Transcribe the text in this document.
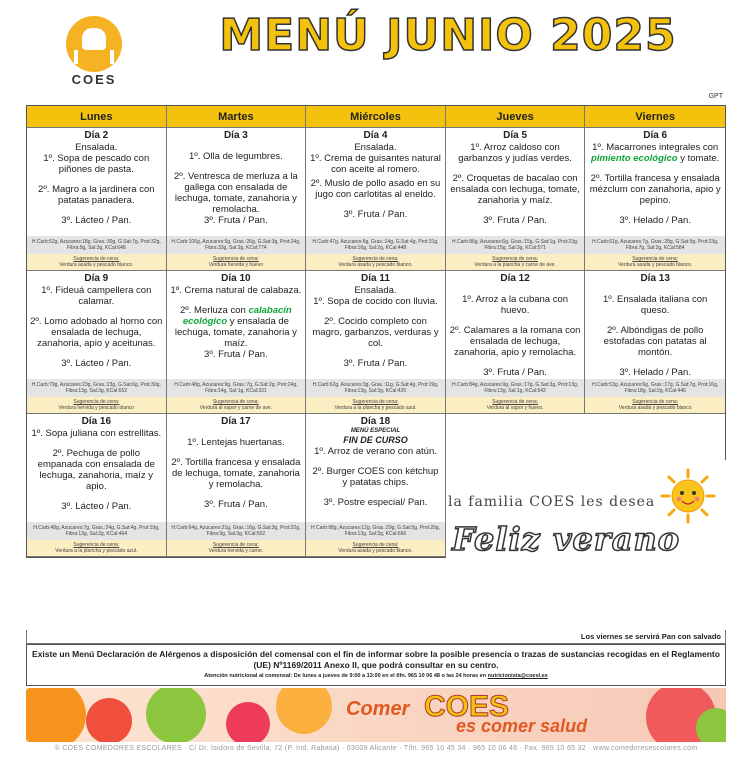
COES
MENÚ JUNIO 2025
GPT
Lunes	Martes	Miércoles	Jueves	Viernes
Día 2
Ensalada.
1º. Sopa de pescado con piñones de pasta.
2º. Magro a la jardinera con patatas panadera.
3º. Lácteo / Pan.
H.Carb:52g, Azucares:18g, Gras.:30g, G.Sat:7g, Prot:32g, Fibra:9g, Sal:3g, KCal:648
Sugerencia de cena:
Verdura asada y pescado blanco.
Día 3
1º. Olla de legumbres.
2º. Ventresca de merluza a la gallega con ensalada de lechuga, tomate, zanahoria y remolacha.
3º. Fruta / Pan.
H.Carb:106g, Azucares:5g, Gras.:26g, G.Sat:3g, Prot:24g, Fibra:33g, Sal:2g, KCal:774
Sugerencia de cena:
Verdura hervida y huevo
Día 4
Ensalada.
1º. Crema de guisantes natural con aceite al romero.
2º. Muslo de pollo asado en su jugo con carlotitas al eneldo.
3º. Fruta / Pan.
H.Carb:47g, Azucares:6g, Gras.:14g, G.Sat:4g, Prot:31g, Fibra:16g, Sal:2g, KCal:448
Sugerencia de cena:
Verdura asada y pescado blanco.
Día 5
1º. Arroz caldoso con garbanzos y judías verdes.
2º. Croquetas de bacalao con ensalada con lechuga, tomate, zanahoria y maíz.
3º. Fruta / Pan.
H.Carb:86g, Azucares:6g, Gras.:15g, G.Sat:1g, Prot:23g, Fibra:15g, Sal:3g, KCal:571
Sugerencia de cena:
Verdura a la plancha y carne de ave.
Día 6
1º. Macarrones integrales con pimiento ecológico y tomate.
2º. Tortilla francesa y ensalada mézclum con zanahoria, apio y pepino.
3º. Helado / Pan.
H.Carb:61g, Azucares:7g, Gras.:28g, G.Sat:5g, Prot:23g, Fibra:7g, Sal:2g, KCal:584
Sugerencia de cena:
Verdura asada y pescado blanco.
Día 9
1º. Fideuá campellera con calamar.
2º. Lomo adobado al horno con ensalada de lechuga, zanahoria, apio y aceitunas.
3º. Lácteo / Pan.
H.Carb:79g, Azucares:23g, Gras.:23g, G.Sat:6g, Prot:30g, Fibra:13g, Sal:3g, KCal:652
Sugerencia de cena:
Verdura hervida y pescado blanco
Día 10
1º. Crema natural de calabaza.
2º. Merluza con calabacín ecológico y ensalada de lechuga, tomate, zanahoria y maíz.
3º. Fruta / Pan.
H.Carb:48g, Azucares:9g, Gras.:7g, G.Sat:2g, Prot:24g, Fibra:14g, Sal:1g, KCal:331
Sugerencia de cena:
Verdura al vapor y carne de ave.
Día 11
Ensalada.
1º. Sopa de cocido con lluvia.
2º. Cocido completo con magro, garbanzos, verduras y col.
3º. Fruta / Pan.
H.Carb:62g, Azucares:3g, Gras.:11g, G.Sat:4g, Prot:19g, Fibra:13g, Sal:3g, KCal:420
Sugerencia de cena:
Verdura a la plancha y pescado azul.
Día 12
1º. Arroz a la cubana con huevo.
2º. Calamares a la romana con ensalada de lechuga, zanahoria, apio y remolacha.
3º. Fruta / Pan.
H.Carb:84g, Azucares:9g, Gras.:17g, G.Sat:3g, Prot:13g, Fibra:13g, Sal:1g, KCal:543
Sugerencia de cena:
Verdura al vapor y huevo.
Día 13
1º. Ensalada italiana con queso.
2º. Albóndigas de pollo estofadas con patatas al montón.
3º. Helado / Pan.
H.Carb:53g, Azucares:6g, Gras.:17g, G.Sat:7g, Prot:16g, Fibra:18g, Sal:2g, KCal:446
Sugerencia de cena:
Verdura asada y pescado blanco
Día 16
1º. Sopa juliana con estrellitas.
2º. Pechuga de pollo empanada con ensalada de lechuga, zanahoria, maíz y apio.
3º. Lácteo / Pan.
H.Carb:48g, Azucares:7g, Gras.:24g, G.Sat:4g, Prot:19g, Fibra:13g, Sal:2g, KCal:464
Sugerencia de cena:
Verdura a la plancha y pescado azul.
Día 17
1º. Lentejas huertanas.
2º. Tortilla francesa y ensalada de lechuga, tomate, zanahoria y remolacha.
3º. Fruta / Pan.
H.Carb:64g, Azucares:21g, Gras.:16g, G.Sat:3g, Prot:22g, Fibra:9g, Sal:3g, KCal:502
Sugerencia de cena:
Verdura hervida y carne.
Día 18
MENÚ ESPECIAL
FIN DE CURSO
1º. Arroz de verano con atún.
2º. Burger COES con kétchup y patatas chips.
3º. Postre especial/ Pan.
H.Carb:98g, Azucares:12g, Gras.:29g, G.Sat:5g, Prot:20g, Fibra:13g, Sal:3g, KCal:666
Sugerencia de cena:
Verdura asada y pescado blanco.
la familia COES les desea
Feliz verano
Los viernes se servirá Pan con salvado
Existe un Menú Declaración de Alérgenos a disposición del comensal con el fin de informar sobre la posible presencia o trazas de sustancias recogidas en el Reglamento (UE) Nº1169/2011 Anexo II, que podrá consultar en su centro.
Atención nutricional al comensal: De lunes a jueves de 9:00 a 13:00 en el tlfn. 965 10 06 48 o las 24 horas en nutricionista@coesl.es
Comer COES
es comer salud
© COES COMEDORES ESCOLARES · C/ Dr. Isidoro de Sevilla, 72 (P. Ind. Rabasa) · 03009 Alicante · Tlfn. 965 10 45 34 · 965 10 06 48 · Fax. 965 10 65 32 · www.comedoresescolares.com
